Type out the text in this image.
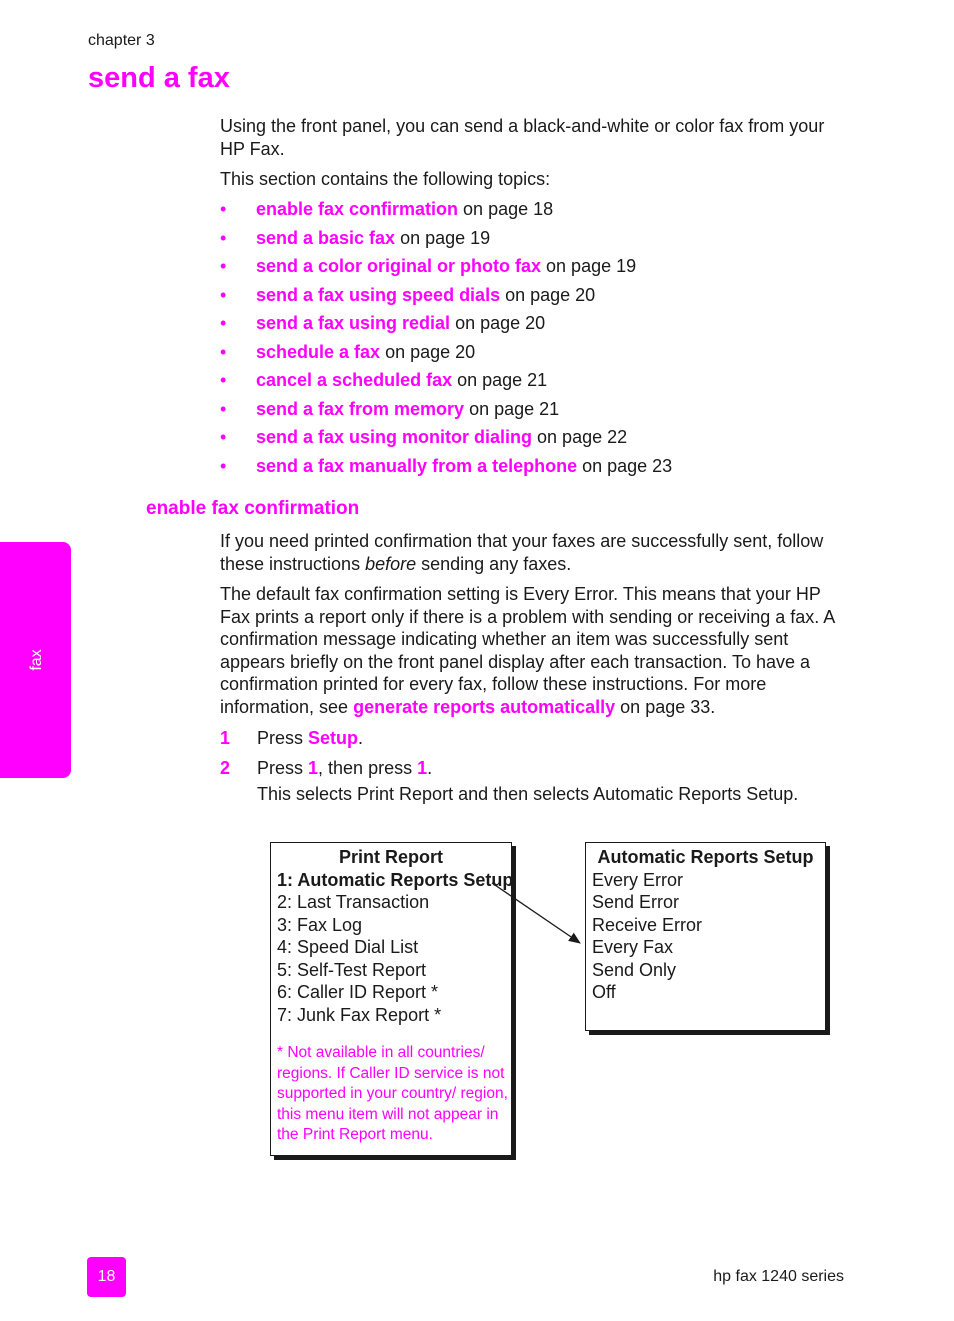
chapter 3
send a fax

Using the front panel, you can send a black-and-white or color fax from your HP Fax.

This section contains the following topics:

• enable fax confirmation on page 18
• send a basic fax on page 19
• send a color original or photo fax on page 19
• send a fax using speed dials on page 20
• send a fax using redial on page 20
• schedule a fax on page 20
• cancel a scheduled fax on page 21
• send a fax from memory on page 21
• send a fax using monitor dialing on page 22
• send a fax manually from a telephone on page 23
enable fax confirmation

If you need printed confirmation that your faxes are successfully sent, follow these instructions before sending any faxes.

The default fax confirmation setting is Every Error. This means that your HP Fax prints a report only if there is a problem with sending or receiving a fax. A confirmation message indicating whether an item was successfully sent appears briefly on the front panel display after each transaction. To have a confirmation printed for every fax, follow these instructions. For more information, see generate reports automatically on page 33.

1 Press Setup.
2 Press 1, then press 1.
This selects Print Report and then selects Automatic Reports Setup.
Print Report
1: Automatic Reports Setup
2: Last Transaction
3: Fax Log
4: Speed Dial List
5: Self-Test Report
6: Caller ID Report *
7: Junk Fax Report *
* Not available in all countries/ regions. If Caller ID service is not supported in your country/ region, this menu item will not appear in the Print Report menu.
Automatic Reports Setup
Every Error
Send Error
Receive Error
Every Fax
Send Only
Off
fax
18	hp fax 1240 series
